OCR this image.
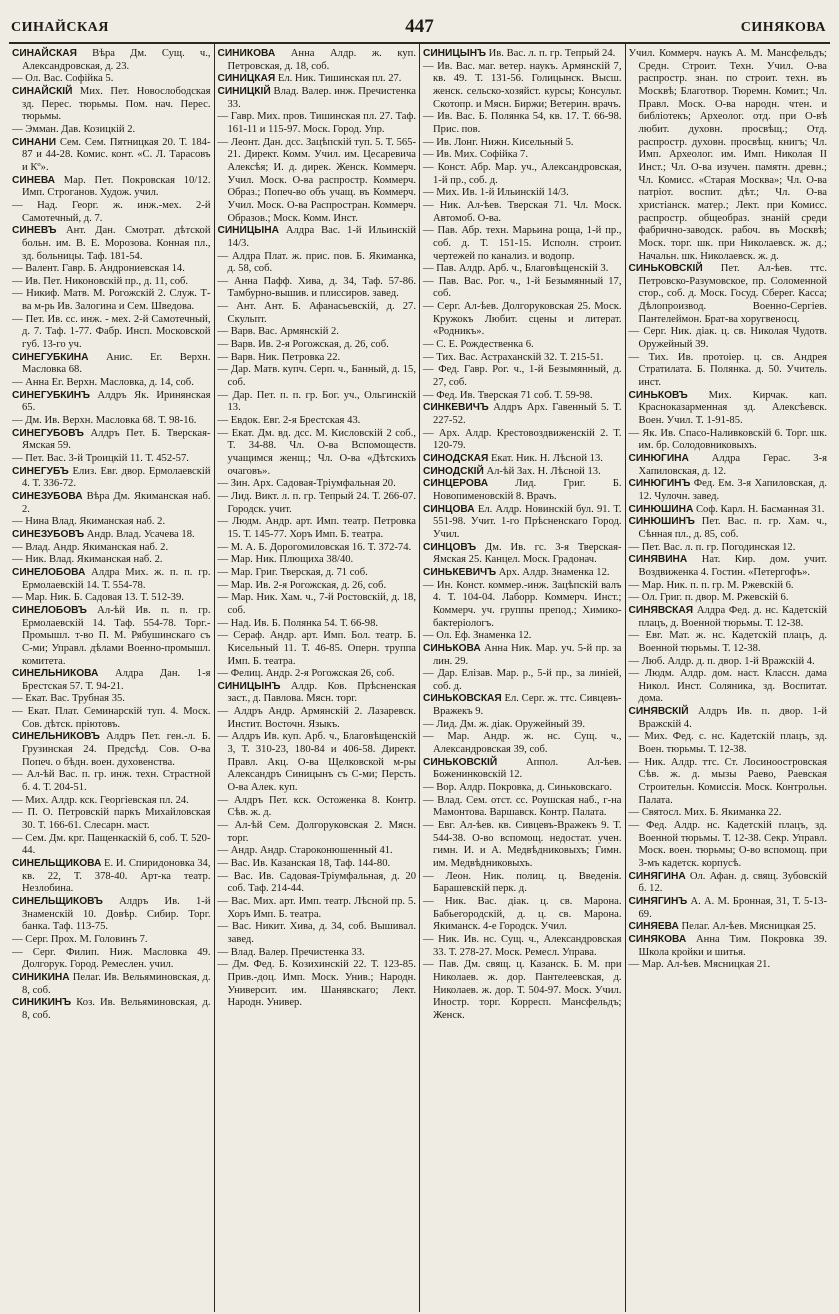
СИНАЙСКАЯ	447	СИНЯКОВА

СИНАЙСКАЯ Вѣра Дм. Сущ. ч., Александровская, д. 23.

— Ол. Вас. Софійка 5.

СИНАЙСКІЙ Мих. Пет. Новослободская зд. Перес. тюрьмы. Пом. нач. Перес. тюрьмы.

— Эмман. Дав. Козицкій 2.

СИНАНИ Сем. Сем. Пятницкая 20. Т. 184-87 и 44-28. Комис. конт. «С. Л. Тарасовъ и Кº».

СИНЕВА Мар. Пет. Покровская 10/12. Имп. Строганов. Худож. учил.

— Над. Георг. ж. инж.-мех. 2-й Самотечный, д. 7.

СИНЕВЪ Ант. Дан. Смотрат. дѣтской больн. им. В. Е. Морозова. Конная пл., зд. больницы. Таф. 181-54.

— Валент. Гавр. Б. Андрониевская 14.

— Ив. Пет. Никоновскій пр., д. 11, соб.

— Никиф. Матв. М. Рогожскій 2. Служ. Т-ва м-рь Ив. Залогина и Сем. Шведова.

— Пет. Ив. сс. инж. - мех. 2-й Самотечный, д. 7. Таф. 1-77. Фабр. Инсп. Московской губ. 13-го уч.

СИНЕГУБКИНА Анис. Ег. Верхн. Масловка 68.

— Анна Ег. Верхн. Масловка, д. 14, соб.

СИНЕГУБКИНЪ Алдръ Як. Иринянская 65.

— Дм. Ив. Верхн. Масловка 68. Т. 98-16.

СИНЕГУБОВЪ Алдръ Пет. Б. Тверская-Ямская 59.

— Пет. Вас. 3-й Троицкій 11. Т. 452-57.

СИНЕГУБЪ Елиз. Евг. двор. Ермолаевскій 4. Т. 336-72.

СИНЕЗУБОВА Вѣра Дм. Якиманская наб. 2.

— Нина Влад. Якиманская наб. 2.

СИНЕЗУБОВЪ Андр. Влад. Усачева 18.

— Влад. Андр. Якиманская наб. 2.

— Ник. Влад. Якиманская наб. 2.

СИНЕЛОБОВА Алдра Мих. ж. п. п. гр. Ермолаевскій 14. Т. 554-78.

— Мар. Ник. Б. Садовая 13. Т. 512-39.

СИНЕЛОБОВЪ Ал-ѣй Ив. п. п. гр. Ермолаевскій 14. Таф. 554-78. Торг.-Промышл. т-во П. М. Рябушинскаго съ С-ми; Управл. дѣлами Военно-промышл. комитета.

СИНЕЛЬНИКОВА Алдра Дан. 1-я Брестская 57. Т. 94-21.

— Екат. Вас. Трубная 35.

— Екат. Плат. Семинарскій туп. 4. Моск. Сов. дѣтск. пріютовъ.

СИНЕЛЬНИКОВЪ Алдръ Пет. ген.-л. Б. Грузинская 24. Предсѣд. Сов. О-ва Попеч. о бѣдн. воен. духовенства.

— Ал-ѣй Вас. п. гр. инж. техн. Страстной б. 4. Т. 204-51.

— Мих. Алдр. кск. Георгіевская пл. 24.

— П. О. Петровскій паркъ Михайловская 30. Т. 166-61. Слесарн. маст.

— Сем. Дм. крг. Пащенкаскій 6, соб. Т. 520-44.

СИНЕЛЬЩИКОВА Е. И. Спиридоновка 34, кв. 22, Т. 378-40. Арт-ка театр. Незлобина.

СИНЕЛЬЩИКОВЪ Алдръ Ив. 1-й Знаменскій 10. Довѣр. Сибир. Торг. банка. Таф. 113-75.

— Серг. Прох. М. Головинъ 7.

— Серг. Филип. Ниж. Масловка 49. Долгорук. Город. Ремеслен. учил.

СИНИКИНА Пелаг. Ив. Вельяминовская, д. 8, соб.

СИНИКИНЪ Коз. Ив. Вельяминовская, д. 8, соб.

СИНИКОВА Анна Алдр. ж. куп. Петровская, д. 18, соб.

СИНИЦКАЯ Ел. Ник. Тишинская пл. 27.

СИНИЦКІЙ Влад. Валер. инж. Пречистенка 33.

— Гавр. Мих. пров. Тишинская пл. 27. Таф. 161-11 и 115-97. Моск. Город. Упр.

— Леонт. Дан. дсс. Зацѣпскій туп. 5. Т. 565-21. Директ. Комм. Учил. им. Цесаревича Алексѣя; И. д. дирек. Женск. Коммерч. Учил. Моск. О-ва распростр. Коммерч. Образ.; Попеч-во объ учащ. въ Коммерч. Учил. Моск. О-ва Распростран. Коммерч. Образов.; Моск. Комм. Инст.

СИНИЦЫНА Алдра Вас. 1-й Ильинскій 14/3.

— Алдра Плат. ж. прис. пов. Б. Якиманка, д. 58, соб.

— Анна Пафф. Хива, д. 34, Таф. 57-86. Тамбурно-вышив. и плиссиров. завед.

— Ант. Ант. Б. Афанасьевскій, д. 27. Скульпт.

— Варв. Вас. Армянскій 2.

— Варв. Ив. 2-я Рогожская, д. 26, соб.

— Варв. Ник. Петровка 22.

— Дар. Матв. купч. Серп. ч., Банный, д. 15, соб.

— Дар. Пет. п. п. гр. Бог. уч., Ольгинскій 13.

— Евдок. Евг. 2-я Брестская 43.

— Екат. Дм. вд. дсс. М. Кисловскій 2 соб., Т. 34-88. Чл. О-ва Вспомоществ. учащимся женщ.; Чл. О-ва «Дѣтскихъ очаговъ».

— Зин. Арх. Садовая-Тріумфальная 20.

— Лид. Викт. л. п. гр. Тепрый 24. Т. 266-07. Городск. учит.

— Людм. Андр. арт. Имп. театр. Петровка 15. Т. 145-77. Хоръ Имп. Б. театра.

— М. А. Б. Дорогомиловская 16. Т. 372-74.

— Мар. Ник. Плющиха 38/40.

— Мар. Григ. Тверская, д. 71 соб.

— Мар. Ив. 2-я Рогожская, д. 26, соб.

— Мар. Ник. Хам. ч., 7-й Ростовскій, д. 18, соб.

— Над. Ив. Б. Полянка 54. Т. 66-98.

— Сераф. Андр. арт. Имп. Бол. театр. Б. Кисельный 11. Т. 46-85. Оперн. труппа Имп. Б. театра.

— Фелиц. Андр. 2-я Рогожская 26, соб.

СИНИЦЫНЪ Алдр. Ков. Прѣсненская заст., д. Павлова. Мясн. торг.

— Алдръ Андр. Армянскій 2. Лазаревск. Инстит. Восточн. Языкъ.

— Алдръ Ив. куп. Арб. ч., Благовѣщенскій 3, Т. 310-23, 180-84 и 406-58. Директ. Правл. Акц. О-ва Щелковской м-ры Александръ Синицынъ съ С-ми; Персть. О-ва Алек. куп.

— Алдръ Пет. кск. Остоженка 8. Контр. Сѣв. ж. д.

— Ал-ѣй Сем. Долгоруковская 2. Мясн. торг.

— Андр. Андр. Староконюшенный 41.

— Вас. Ив. Казанская 18, Таф. 144-80.

— Вас. Ив. Садовая-Тріумфальная, д. 20 соб. Таф. 214-44.

— Вас. Мих. арт. Имп. театр. Лѣсной пр. 5. Хоръ Имп. Б. театра.

— Вас. Никит. Хива, д. 34, соб. Вышивал. завед.

— Влад. Валер. Пречистенка 33.

— Дм. Фед. Б. Козихинскій 22. Т. 123-85. Прив.-доц. Имп. Моск. Унив.; Народн. Университ. им. Шанявскаго; Лект. Народн. Универ.

СИНИЦЫНЪ Ив. Вас. л. п. гр. Тепрый 24.

— Ив. Вас. маг. ветер. наукъ. Армянскій 7, кв. 49. Т. 131-56. Голицынск. Высш. женск. сельско-хозяйст. курсы; Консульт. Скотопр. и Мясн. Биржи; Ветерин. врачъ.

— Ив. Вас. Б. Полянка 54, кв. 17. Т. 66-98. Прис. пов.

— Ив. Лонг. Нижн. Кисельный 5.

— Ив. Мих. Софійка 7.

— Конст. Абр. Мар. уч., Александровская, 1-й пр., соб. д.

— Мих. Ив. 1-й Ильинскій 14/3.

— Ник. Ал-ѣев. Тверская 71. Чл. Моск. Автомоб. О-ва.

— Пав. Абр. техн. Марьина роща, 1-й пр., соб. д. Т. 151-15. Исполн. строит. чертежей по канализ. и водопр.

— Пав. Алдр. Арб. ч., Благовѣщенскій 3.

— Пав. Вас. Рог. ч., 1-й Безымянный 17, соб.

— Серг. Ал-ѣев. Долгоруковская 25. Моск. Кружокъ Любит. сцены и литерат. «Родникъ».

— С. Е. Рождественка 6.

— Тих. Вас. Астраханскій 32. Т. 215-51.

— Фед. Гавр. Рог. ч., 1-й Безымянный, д. 27, соб.

— Фед. Ив. Тверская 71 соб. Т. 59-98.

СИНКЕВИЧЪ Алдръ Арх. Гавенный 5. Т. 227-52.

— Арх. Алдр. Крестовоздвиженскій 2. Т. 120-79.

СИНОДСКАЯ Екат. Ник. Н. Лѣсной 13.

СИНОДСКІЙ Ал-ѣй Зах. Н. Лѣсной 13.

СИНЦЕРОВА	Лид. Григ. Б. Новопименовскій 8. Врачъ.

СИНЦОВА Ел. Алдр. Новинскій бул. 91. Т. 551-98. Учит. 1-го Прѣсненскаго Город. Учил.

СИНЦОВЪ Дм. Ив. гс. 3-я Тверская-Ямская 25. Канцел. Моск. Градонач.

СИНЬКЕВИЧЪ Арх. Алдр. Знаменка 12.

— Ин. Конст. коммер.-инж. Зацѣпскій валъ 4. Т. 104-04. Лаборр. Коммерч. Инст.; Коммерч. уч. группы препод.; Химико-бактеріологъ.

— Ол. Еф. Знаменка 12.

СИНЬКОВА Анна Ник. Мар. уч. 5-й пр. за лин. 29.

— Дар. Елізав. Мар. р., 5-й пр., за линіей, соб. д.

СИНЬКОВСКАЯ Ел. Серг. ж. ттс. Сивцевъ-Вражекъ 9.

— Лид. Дм. ж. діак. Оружейный 39.

— Мар. Андр. ж. нс. Сущ. ч., Александровская 39, соб.

СИНЬКОВСКІЙ	Аппол. Ал-ѣев. Боженинковскій 12.

— Вор. Алдр. Покровка, д. Синьковскаго.

— Влад. Сем. отст. сс. Роушская наб., г-на Мамонтова. Варшавск. Контр. Палата.

— Евг. Ал-ѣев. кв. Сивцевъ-Вражекъ 9. Т. 544-38. О-во вспомощ. недостат. учен. гимн. И. и А. Медвѣдниковыхъ; Гимн. им. Медвѣдниковыхъ.

— Леон. Ник. полиц. ц. Введенія. Барашевскій перк. д.

— Ник. Вас. діак. ц. св. Марона. Бабьегородскій, д. ц. св. Марона. Якиманск. 4-е Городск. Учил.

— Ник. Ив. нс. Сущ. ч., Александровская 33. Т. 278-27. Моск. Ремесл. Управа.

— Пав. Дм. свящ. ц. Казанск. Б. М. при Николаев. ж. дор. Пантелеевская, д. Николаев. ж. дор. Т. 504-97. Моск. Учил. Иностр. торг. Корресп. Мансфельдъ; Женск.

Учил. Коммерч. наукъ А. М. Мансфельдъ; Средн. Строит. Техн. Учил. О-ва распростр. знан. по строит. техн. въ Москвѣ; Благотвор. Тюремн. Комит.; Чл. Правл. Моск. О-ва народн. чтен. и библіотекъ; Археолог. отд. при О-вѣ любит. духовн. просвѣщ.; Отд. распростр. духовн. просвѣщ. книгъ; Чл. Имп. Археолог. им. Имп. Николая II Инст.; Чл. О-ва изучен. памятн. древн.; Чл. Комисс. «Старая Москва»; Чл. О-ва патріот. воспит. дѣт.; Чл. О-ва христіанск. матер.; Лект. при Комисс. распростр. общеобраз. знаній среди фабрично-заводск. рабоч. въ Москвѣ; Моск. торг. шк. при Николаевск. ж. д.; Начальн. шк. Николаевск. ж. д.

СИНЬКОВСКІЙ Пет. Ал-ѣев. ттс. Петровско-Разумовское, пр. Соломенной стор., соб. д. Моск. Госуд. Сберег. Касса; Дѣлопроизвод. Военно-Сергіев. Пантелеймон. Брат-ва хоругвеносц.

— Серг. Ник. діак. ц. св. Николая Чудотв. Оружейный 39.

— Тих. Ив. протоіер. ц. св. Андрея Стратилата. Б. Полянка. д. 50. Учитель. инст.

СИНЬКОВЪ Мих. Кирчак. кап. Красноказарменная зд. Алексѣевск. Воен. Учил. Т. 1-91-85.

— Як. Ив. Спасо-Наливковскій 6. Торг. шк. им. бр. Солодовниковыхъ.

СИНЮГИНА Алдра Герас. 3-я Хапиловская, д. 12.

СИНЮГИНЪ Фед. Ем. 3-я Хапиловская, д. 12. Чулочн. завед.

СИНЮШИНА Соф. Карл. Н. Басманная 31.

СИНЮШИНЪ Пет. Вас. п. гр. Хам. ч., Сѣнная пл., д. 85, соб.

— Пет. Вас. л. п. гр. Погодинская 12.

СИНЯВИНА Нат. Кир. дом. учит. Воздвиженка 4. Гостин. «Петергофъ».

— Мар. Ник. п. п. гр. М. Ржевскій 6.

— Ол. Григ. п. двор. М. Ржевскій 6.

СИНЯВСКАЯ Алдра Фед. д. нс. Кадетскій плацъ, д. Военной тюрьмы. Т. 12-38.

— Евг. Мат. ж. нс. Кадетскій плацъ, д. Военной тюрьмы. Т. 12-38.

— Люб. Алдр. д. п. двор. 1-й Вражскій 4.

— Людм. Алдр. дом. наст. Классн. дама Никол. Инст. Соляника, зд. Воспитат. дома.

СИНЯВСКІЙ Алдръ Ив. п. двор. 1-й Вражскій 4.

— Мих. Фед. с. нс. Кадетскій плацъ, зд. Воен. тюрьмы. Т. 12-38.

— Ник. Алдр. ттс. Ст. Лосиноостровская Сѣв. ж. д. мызы Раево, Раевская Строительн. Комиссія. Моск. Контрольн. Палата.

— Святосл. Мих. Б. Якиманка 22.

— Фед. Алдр. нс. Кадетскій плацъ, зд. Военной тюрьмы. Т. 12-38. Секр. Управл. Моск. воен. тюрьмы; О-во вспомощ. при 3-мъ кадетск. корпусѣ.

СИНЯГИНА Ол. Афан. д. свящ. Зубовскій б. 12.

СИНЯГИНЪ А. А. М. Бронная, 31, Т. 5-13-69.

СИНЯЕВА Пелаг. Ал-ѣев. Мясницкая 25.

СИНЯКОВА Анна Тим. Покровка 39. Школа кройки и шитья.

— Мар. Ал-ѣев. Мясницкая 21.
